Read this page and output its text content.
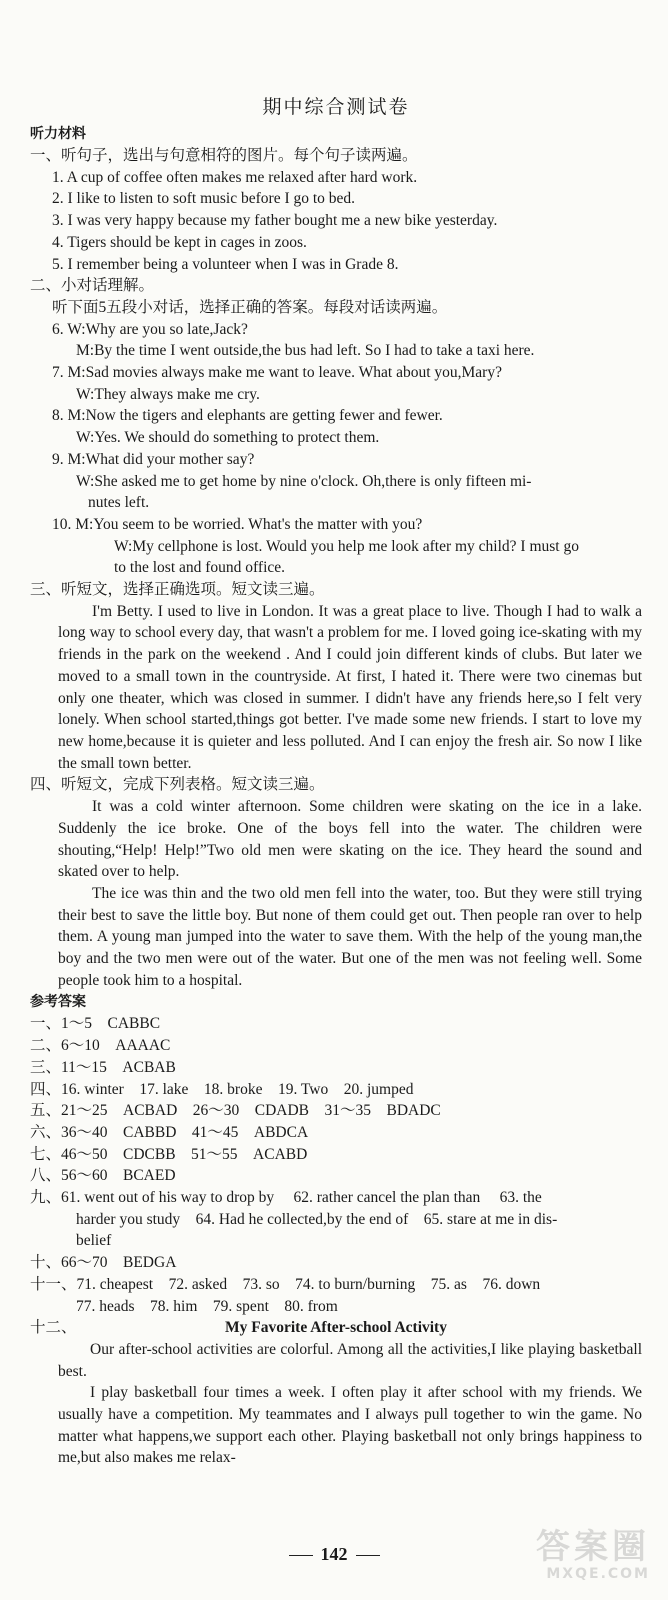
期中综合测试卷
听力材料
一、听句子，选出与句意相符的图片。每个句子读两遍。
1. A cup of coffee often makes me relaxed after hard work.
2. I like to listen to soft music before I go to bed.
3. I was very happy because my father bought me a new bike yesterday.
4. Tigers should be kept in cages in zoos.
5. I remember being a volunteer when I was in Grade 8.
二、小对话理解。
听下面5五段小对话，选择正确的答案。每段对话读两遍。
6. W:Why are you so late,Jack?
M:By the time I went outside,the bus had left. So I had to take a taxi here.
7. M:Sad movies always make me want to leave. What about you,Mary?
W:They always make me cry.
8. M:Now the tigers and elephants are getting fewer and fewer.
W:Yes. We should do something to protect them.
9. M:What did your mother say?
W:She asked me to get home by nine o'clock. Oh,there is only fifteen mi-
nutes left.
10. M:You seem to be worried. What's the matter with you?
W:My cellphone is lost. Would you help me look after my child? I must go
to the lost and found office.
三、听短文，选择正确选项。短文读三遍。

I'm Betty. I used to live in London. It was a great place to live. Though I had to walk a long way to school every day, that wasn't a problem for me. I loved going ice-skating with my friends in the park on the weekend . And I could join different kinds of clubs. But later we moved to a small town in the countryside. At first, I hated it. There were two cinemas but only one theater, which was closed in summer. I didn't have any friends here,so I felt very lonely. When school started,things got better. I've made some new friends. I start to love my new home,because it is quieter and less polluted. And I can enjoy the fresh air. So now I like the small town better.

四、听短文，完成下列表格。短文读三遍。

It was a cold winter afternoon. Some children were skating on the ice in a lake. Suddenly the ice broke. One of the boys fell into the water. The children were shouting,“Help! Help!”Two old men were skating on the ice. They heard the sound and skated over to help.

The ice was thin and the two old men fell into the water, too. But they were still trying their best to save the little boy. But none of them could get out. Then people ran over to help them. A young man jumped into the water to save them. With the help of the young man,the boy and the two men were out of the water. But one of the men was not feeling well. Some people took him to a hospital.

参考答案
一、1～5　CABBC
二、6～10　AAAAC
三、11～15　ACBAB
四、16. winter　17. lake　18. broke　19. Two　20. jumped
五、21～25　ACBAD　26～30　CDADB　31～35　BDADC
六、36～40　CABBD　41～45　ABDCA
七、46～50　CDCBB　51～55　ACABD
八、56～60　BCAED
九、61. went out of his way to drop by　 62. rather cancel the plan than　 63. the
harder you study　64. Had he collected,by the end of　65. stare at me in dis-
belief
十、66～70　BEDGA
十一、71. cheapest　72. asked　73. so　74. to burn/burning　75. as　76. down
77. heads　78. him　79. spent　80. from
十二、	My Favorite After-school Activity

Our after-school activities are colorful. Among all the activities,I like playing basketball best.

I play basketball four times a week. I often play it after school with my friends. We usually have a competition. My teammates and I always pull together to win the game. No matter what happens,we support each other. Playing basketball not only brings happiness to me,but also makes me relax-

142	答案圈
MXQE.COM
